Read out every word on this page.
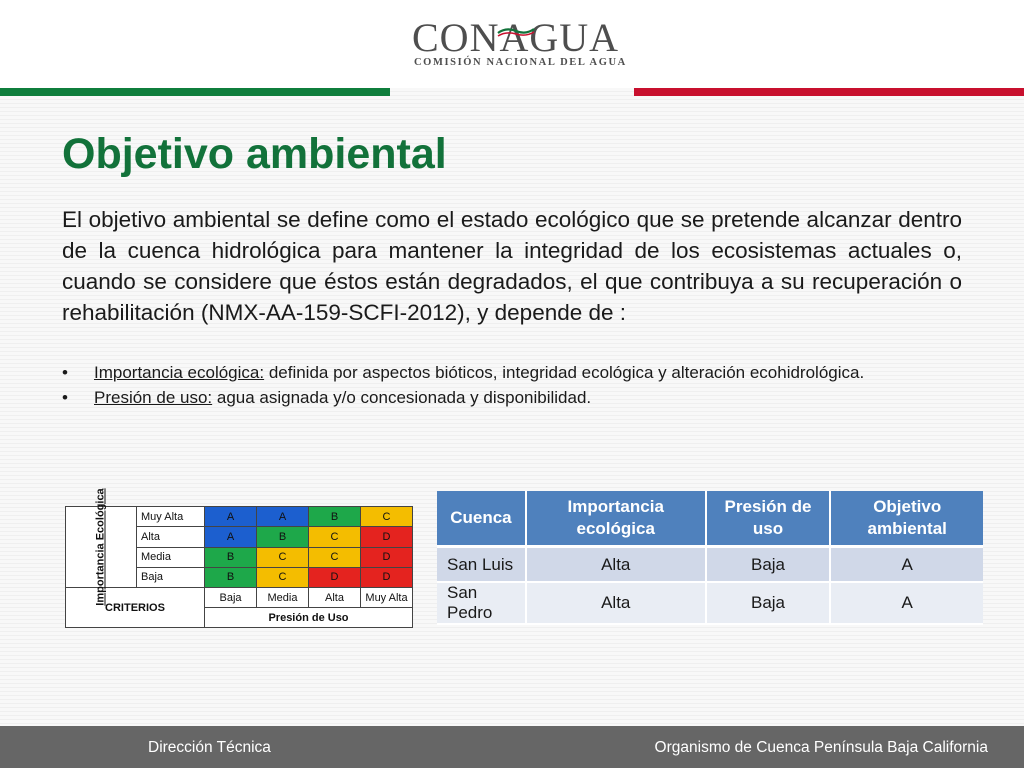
CONAGUA
COMISIÓN NACIONAL DEL AGUA
Objetivo ambiental

El objetivo ambiental se define como el estado ecológico que se pretende alcanzar dentro de la cuenca hidrológica para mantener la integridad de los ecosistemas actuales o, cuando se considere que éstos están degradados, el que contribuya a su recuperación o rehabilitación (NMX-AA-159-SCFI-2012), y depende de :

• Importancia ecológica: definida por aspectos bióticos, integridad ecológica y alteración ecohidrológica.
• Presión de uso: agua asignada y/o concesionada y disponibilidad.
Importancia Ecológica	Muy Alta	A	A	B	C
	Alta	A	B	C	D
	Media	B	C	C	D
	Baja	B	C	D	D
CRITERIOS		Baja	Media	Alta	Muy Alta
		Presión de Uso			
Cuenca	Importancia ecológica	Presión de uso	Objetivo ambiental
San Luis	Alta	Baja	A
San Pedro	Alta	Baja	A
Dirección Técnica	Organismo de Cuenca Península Baja California
